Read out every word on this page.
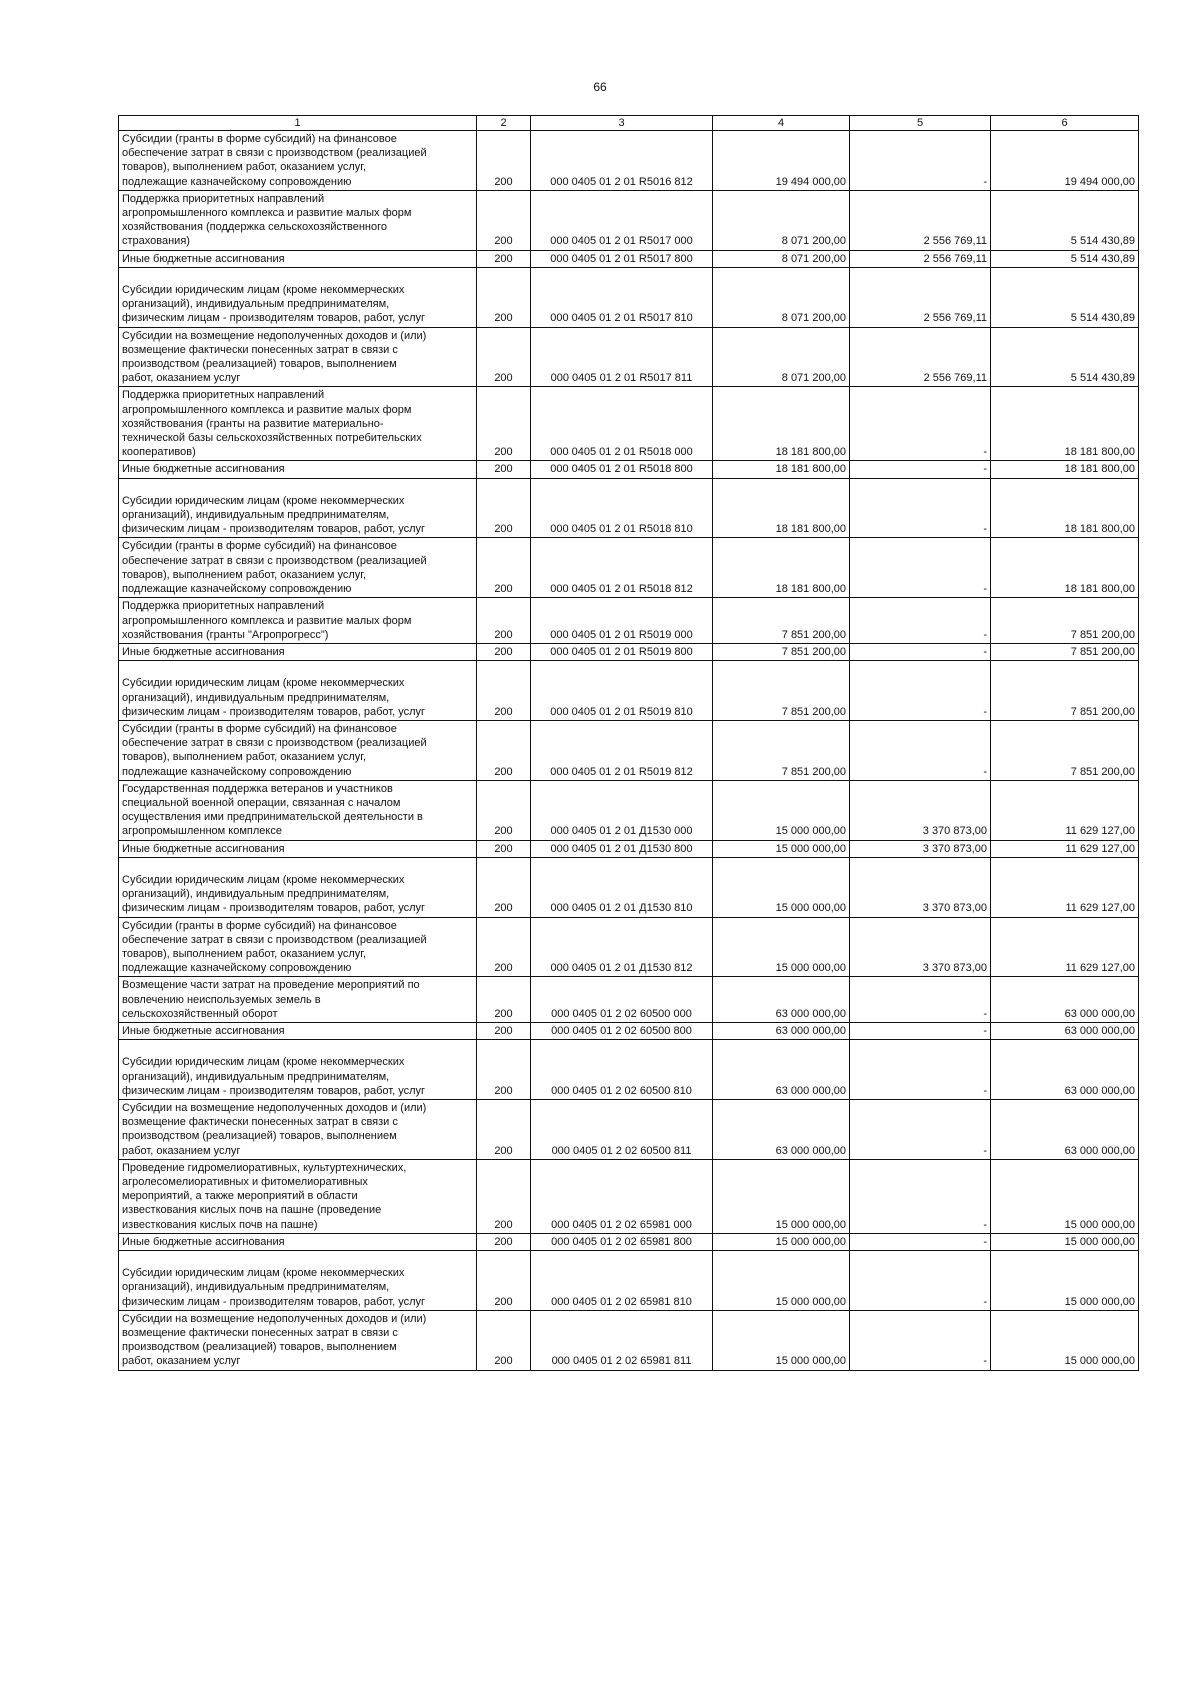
66
1	2	3	4	5	6

Субсидии (гранты в форме субсидий) на финансовое
обеспечение затрат в связи с производством (реализацией
товаров), выполнением работ, оказанием услуг,
подлежащие казначейскому сопровождению	200	000 0405 01 2 01 R5016 812	19 494 000,00	-	19 494 000,00

Поддержка приоритетных направлений
агропромышленного комплекса и развитие малых форм
хозяйствования (поддержка сельскохозяйственного
страхования)	200	000 0405 01 2 01 R5017 000	8 071 200,00	2 556 769,11	5 514 430,89

Иные бюджетные ассигнования	200	000 0405 01 2 01 R5017 800	8 071 200,00	2 556 769,11	5 514 430,89

Субсидии юридическим лицам (кроме некоммерческих
организаций), индивидуальным предпринимателям,
физическим лицам - производителям товаров, работ, услуг	200	000 0405 01 2 01 R5017 810	8 071 200,00	2 556 769,11	5 514 430,89

Субсидии на возмещение недополученных доходов и (или)
возмещение фактически понесенных затрат в связи с
производством (реализацией) товаров, выполнением
работ, оказанием услуг	200	000 0405 01 2 01 R5017 811	8 071 200,00	2 556 769,11	5 514 430,89

Поддержка приоритетных направлений
агропромышленного комплекса и развитие малых форм
хозяйствования (гранты на развитие материально-
технической базы сельскохозяйственных потребительских
кооперативов)	200	000 0405 01 2 01 R5018 000	18 181 800,00	-	18 181 800,00

Иные бюджетные ассигнования	200	000 0405 01 2 01 R5018 800	18 181 800,00	-	18 181 800,00

Субсидии юридическим лицам (кроме некоммерческих
организаций), индивидуальным предпринимателям,
физическим лицам - производителям товаров, работ, услуг	200	000 0405 01 2 01 R5018 810	18 181 800,00	-	18 181 800,00

Субсидии (гранты в форме субсидий) на финансовое
обеспечение затрат в связи с производством (реализацией
товаров), выполнением работ, оказанием услуг,
подлежащие казначейскому сопровождению	200	000 0405 01 2 01 R5018 812	18 181 800,00	-	18 181 800,00

Поддержка приоритетных направлений
агропромышленного комплекса и развитие малых форм
хозяйствования (гранты "Агропрогресс")	200	000 0405 01 2 01 R5019 000	7 851 200,00	-	7 851 200,00

Иные бюджетные ассигнования	200	000 0405 01 2 01 R5019 800	7 851 200,00	-	7 851 200,00

Субсидии юридическим лицам (кроме некоммерческих
организаций), индивидуальным предпринимателям,
физическим лицам - производителям товаров, работ, услуг	200	000 0405 01 2 01 R5019 810	7 851 200,00	-	7 851 200,00

Субсидии (гранты в форме субсидий) на финансовое
обеспечение затрат в связи с производством (реализацией
товаров), выполнением работ, оказанием услуг,
подлежащие казначейскому сопровождению	200	000 0405 01 2 01 R5019 812	7 851 200,00	-	7 851 200,00

Государственная поддержка ветеранов и участников
специальной военной операции, связанная с началом
осуществления ими предпринимательской деятельности в
агропромышленном комплексе	200	000 0405 01 2 01 Д1530 000	15 000 000,00	3 370 873,00	11 629 127,00

Иные бюджетные ассигнования	200	000 0405 01 2 01 Д1530 800	15 000 000,00	3 370 873,00	11 629 127,00

Субсидии юридическим лицам (кроме некоммерческих
организаций), индивидуальным предпринимателям,
физическим лицам - производителям товаров, работ, услуг	200	000 0405 01 2 01 Д1530 810	15 000 000,00	3 370 873,00	11 629 127,00

Субсидии (гранты в форме субсидий) на финансовое
обеспечение затрат в связи с производством (реализацией
товаров), выполнением работ, оказанием услуг,
подлежащие казначейскому сопровождению	200	000 0405 01 2 01 Д1530 812	15 000 000,00	3 370 873,00	11 629 127,00

Возмещение части затрат на проведение мероприятий по
вовлечению неиспользуемых земель в
сельскохозяйственный оборот	200	000 0405 01 2 02 60500 000	63 000 000,00	-	63 000 000,00

Иные бюджетные ассигнования	200	000 0405 01 2 02 60500 800	63 000 000,00	-	63 000 000,00

Субсидии юридическим лицам (кроме некоммерческих
организаций), индивидуальным предпринимателям,
физическим лицам - производителям товаров, работ, услуг	200	000 0405 01 2 02 60500 810	63 000 000,00	-	63 000 000,00

Субсидии на возмещение недополученных доходов и (или)
возмещение фактически понесенных затрат в связи с
производством (реализацией) товаров, выполнением
работ, оказанием услуг	200	000 0405 01 2 02 60500 811	63 000 000,00	-	63 000 000,00

Проведение гидромелиоративных, культуртехнических,
агролесомелиоративных и фитомелиоративных
мероприятий, а также мероприятий в области
известкования кислых почв на пашне (проведение
известкования кислых почв на пашне)	200	000 0405 01 2 02 65981 000	15 000 000,00	-	15 000 000,00

Иные бюджетные ассигнования	200	000 0405 01 2 02 65981 800	15 000 000,00	-	15 000 000,00

Субсидии юридическим лицам (кроме некоммерческих
организаций), индивидуальным предпринимателям,
физическим лицам - производителям товаров, работ, услуг	200	000 0405 01 2 02 65981 810	15 000 000,00	-	15 000 000,00

Субсидии на возмещение недополученных доходов и (или)
возмещение фактически понесенных затрат в связи с
производством (реализацией) товаров, выполнением
работ, оказанием услуг	200	000 0405 01 2 02 65981 811	15 000 000,00	-	15 000 000,00
